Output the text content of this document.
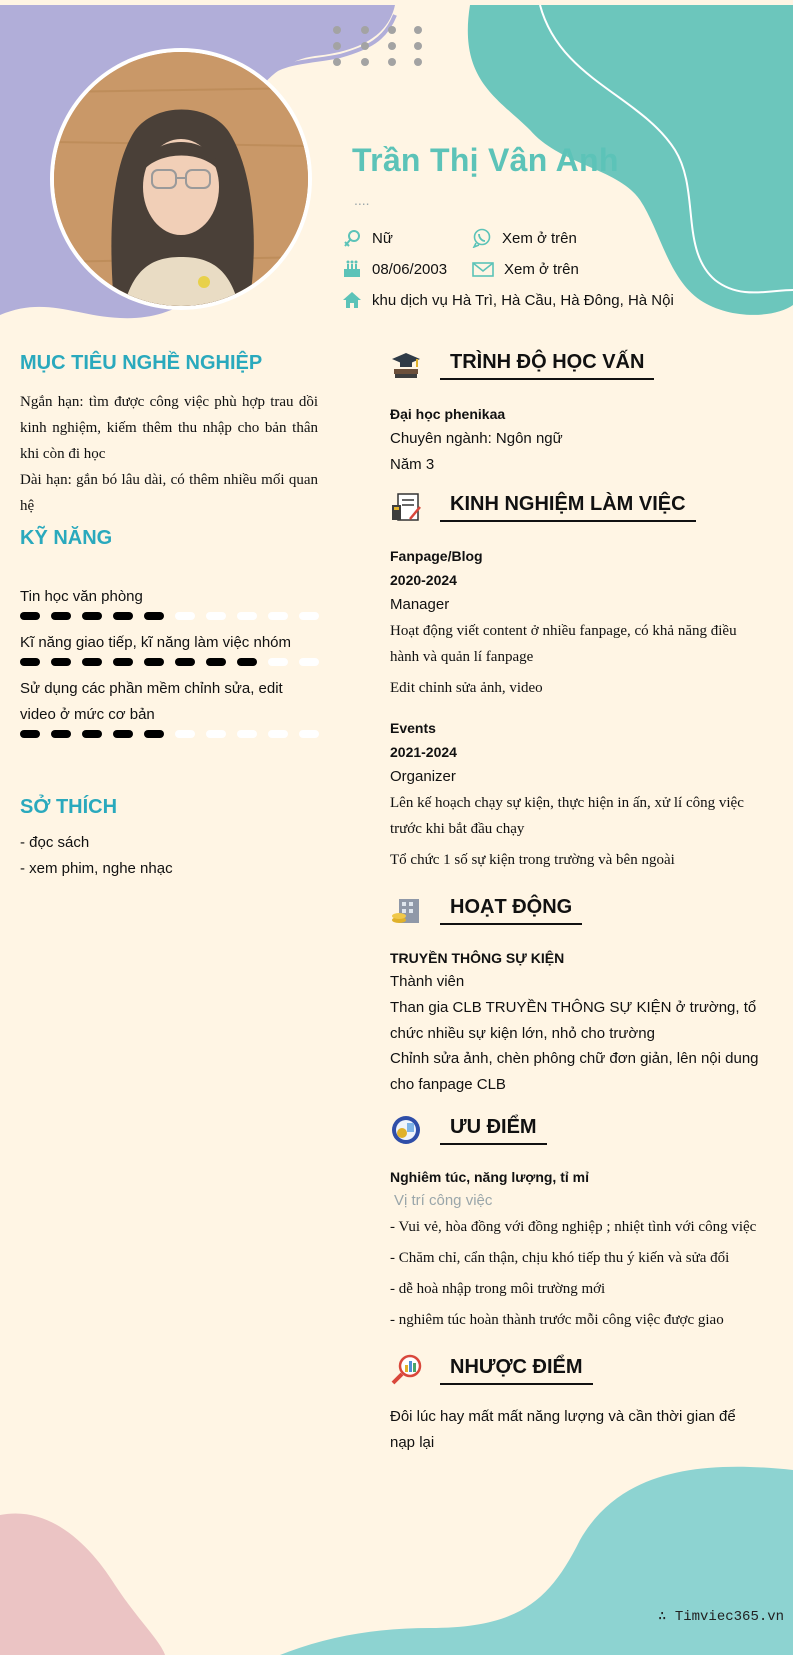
Trần Thị Vân Anh
....
Nữ
08/06/2003
khu dịch vụ Hà Trì, Hà Cầu, Hà Đông, Hà Nội
Xem ở trên
Xem ở trên
MỤC TIÊU NGHỀ NGHIỆP
Ngắn hạn: tìm được công việc phù hợp trau dồi kinh nghiệm, kiếm thêm thu nhập cho bản thân khi còn đi học
Dài hạn: gắn bó lâu dài, có thêm nhiều mối quan hệ
KỸ NĂNG
Tin học văn phòng
Kĩ năng giao tiếp, kĩ năng làm việc nhóm
Sử dụng các phần mềm chỉnh sửa, edit video ở mức cơ bản
SỞ THÍCH
- đọc sách
- xem phim, nghe nhạc
TRÌNH ĐỘ HỌC VẤN
Đại học phenikaa
Chuyên ngành: Ngôn ngữ
Năm 3
KINH NGHIỆM LÀM VIỆC
Fanpage/Blog
2020-2024
Manager
Hoạt động viết content ở nhiều fanpage, có khả năng điều hành và quản lí fanpage
Edit chỉnh sửa ảnh, video
Events
2021-2024
Organizer
Lên kế hoạch chạy sự kiện, thực hiện in ấn, xử lí công việc trước khi bắt đầu chạy
Tổ chức 1 số sự kiện trong trường và bên ngoài
HOẠT ĐỘNG
TRUYỀN THÔNG SỰ KIỆN
Thành viên
Than gia CLB TRUYỀN THÔNG SỰ KIỆN ở trường, tổ chức nhiều sự kiện lớn, nhỏ cho trường
Chỉnh sửa ảnh, chèn phông chữ đơn giản, lên nội dung cho fanpage CLB
ƯU ĐIỂM
Nghiêm túc, năng lượng, tỉ mỉ
Vị trí công việc
- Vui vẻ, hòa đồng với đồng nghiệp ; nhiệt tình với công việc
- Chăm chỉ, cẩn thận, chịu khó tiếp thu ý kiến và sửa đổi
- dễ hoà nhập trong môi trường mới
- nghiêm túc hoàn thành trước mỗi công việc được giao
NHƯỢC ĐIỂM
Đôi lúc hay mất mất năng lượng và cần thời gian để nạp lại
∴ Timviec365.vn
